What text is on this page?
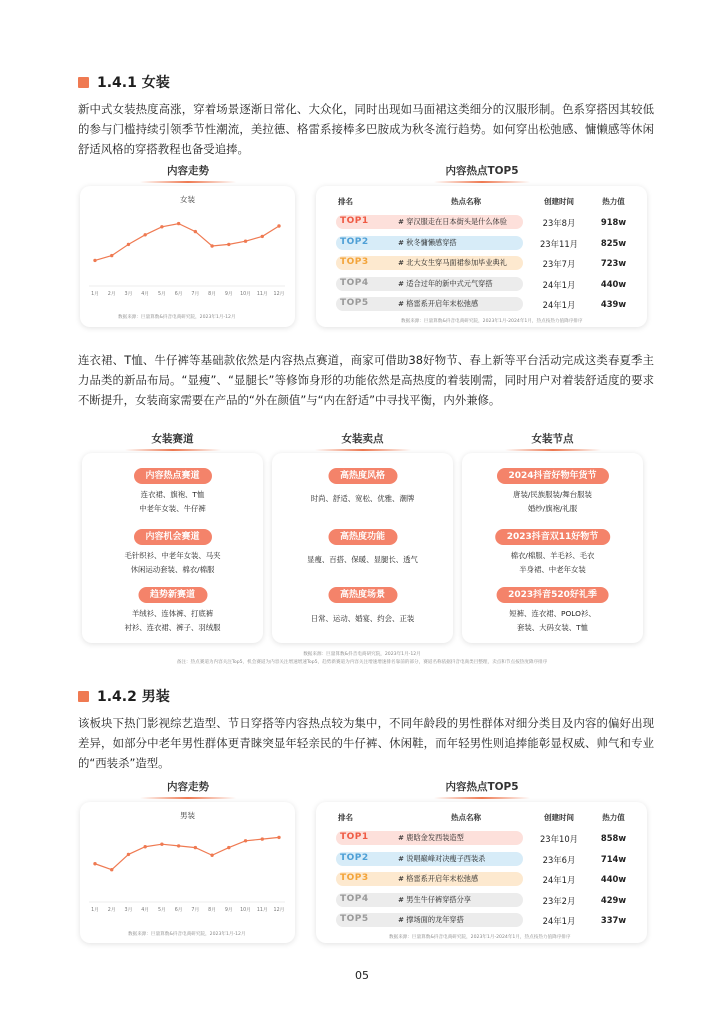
1.4.1 女装
新中式女装热度高涨，穿着场景逐渐日常化、大众化，同时出现如马面裙这类细分的汉服形制。色系穿搭因其较低的参与门槛持续引领季节性潮流，美拉德、格雷系接棒多巴胺成为秋冬流行趋势。如何穿出松弛感、慵懒感等休闲舒适风格的穿搭教程也备受追捧。
内容走势	内容热点TOP5
女装
1月 2月 3月 4月 5月 6月 7月 8月 9月 10月 11月 12月
数据来源：巨量算数&抖音电商研究院，2023年1月-12月
排名	热点名称	创建时间	热力值
TOP1	# 穿汉服走在日本街头是什么体验	23年8月	918w
TOP2	# 秋冬慵懒感穿搭	23年11月	825w
TOP3	# 北大女生穿马面裙参加毕业典礼	23年7月	723w
TOP4	# 适合过年的新中式元气穿搭	24年1月	440w
TOP5	# 格雷系开启年末松弛感	24年1月	439w
数据来源：巨量算数&抖音电商研究院，2023年1月-2024年1月，热点按热力值降序排序
连衣裙、T恤、牛仔裤等基础款依然是内容热点赛道，商家可借助38好物节、春上新等平台活动完成这类春夏季主力品类的新品布局。“显瘦”、“显腿长”等修饰身形的功能依然是高热度的着装刚需，同时用户对着装舒适度的要求不断提升，女装商家需要在产品的“外在颜值”与“内在舒适”中寻找平衡，内外兼修。
女装赛道	女装卖点	女装节点
内容热点赛道
连衣裙、旗袍、T恤
中老年女装、牛仔裤
内容机会赛道
毛针织衫、中老年女装、马夹
休闲运动套装、棉衣/棉服
趋势新赛道
羊绒衫、连体裤、打底裤
衬衫、连衣裙、裤子、羽绒服
高热度风格
时尚、舒适、宽松、优雅、潮牌
高热度功能
显瘦、百搭、保暖、显腿长、透气
高热度场景
日常、运动、婚宴、约会、正装
2024抖音好物年货节
唐装/民族服装/舞台服装
婚纱/旗袍/礼服
2023抖音双11好物节
棉衣/棉服、羊毛衫、毛衣
半身裙、中老年女装
2023抖音520好礼季
短裤、连衣裙、POLO衫、
套装、大码女装、T恤
数据来源：巨量算数&抖音电商研究院，2023年1月-12月
备注：热点赛道为内容关注Top5，机会赛道为内容关注增速增速Top5，趋势新赛道为内容关注增速增速排名靠前的部分，赛道名称依据抖音电商类目整理，卖点和节点按热度降序排序
1.4.2 男装
该板块下热门影视综艺造型、节日穿搭等内容热点较为集中，不同年龄段的男性群体对细分类目及内容的偏好出现差异，如部分中老年男性群体更青睐突显年轻亲民的牛仔裤、休闲鞋，而年轻男性则追捧能彰显权威、帅气和专业的“西装杀”造型。
内容走势	内容热点TOP5
男装
1月 2月 3月 4月 5月 6月 7月 8月 9月 10月 11月 12月
数据来源：巨量算数&抖音电商研究院，2023年1月-12月
排名	热点名称	创建时间	热力值
TOP1	# 鹿晗金发西装造型	23年10月	858w
TOP2	# 说唱巅峰对决瘦子西装杀	23年6月	714w
TOP3	# 格雷系开启年末松弛感	24年1月	440w
TOP4	# 男生牛仔裤穿搭分享	23年2月	429w
TOP5	# 撑场面的龙年穿搭	24年1月	337w
数据来源：巨量算数&抖音电商研究院，2023年1月-2024年1月，热点按热力值降序排序
05
